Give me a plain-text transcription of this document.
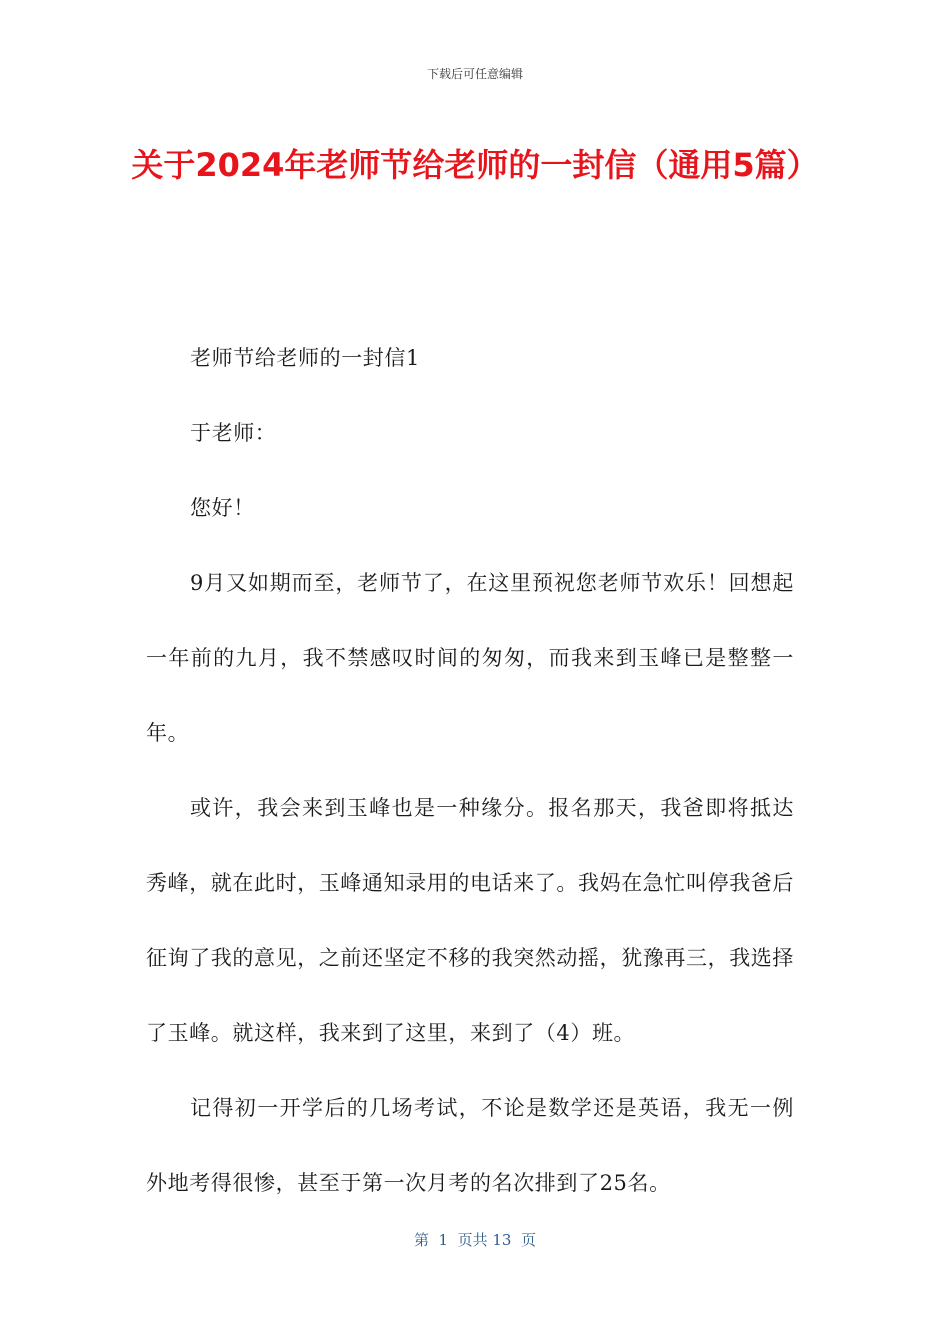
下载后可任意编辑
关于2024年老师节给老师的一封信（通用5篇）

老师节给老师的一封信1

于老师：

您好！

9月又如期而至，老师节了，在这里预祝您老师节欢乐！回想起一年前的九月，我不禁感叹时间的匆匆，而我来到玉峰已是整整一年。

或许，我会来到玉峰也是一种缘分。报名那天，我爸即将抵达秀峰，就在此时，玉峰通知录用的电话来了。我妈在急忙叫停我爸后征询了我的意见，之前还坚定不移的我突然动摇，犹豫再三，我选择了玉峰。就这样，我来到了这里，来到了（4）班。

记得初一开学后的几场考试，不论是数学还是英语，我无一例外地考得很惨，甚至于第一次月考的名次排到了25名。

第  1  页共 13  页
